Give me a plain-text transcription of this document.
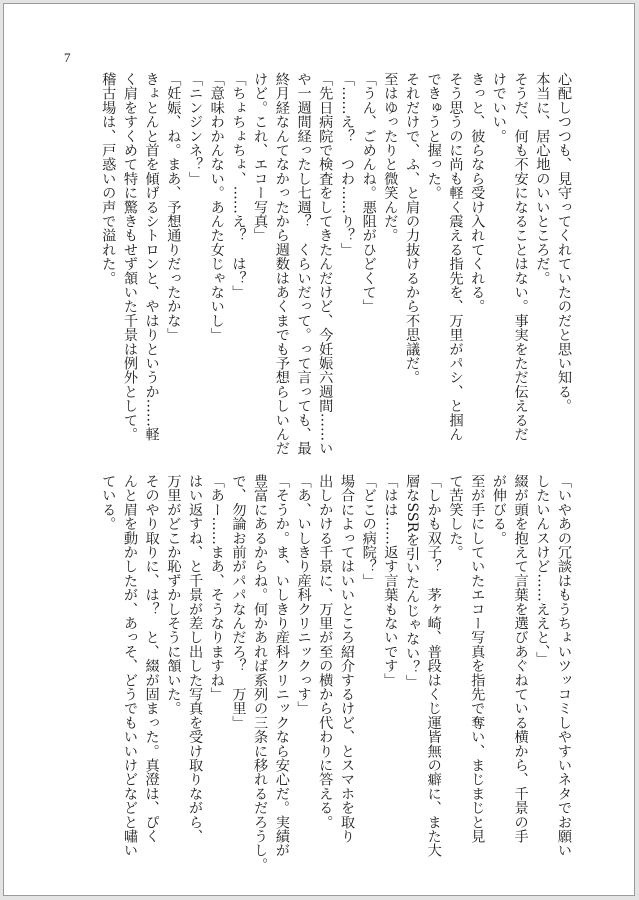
7
心配しつつも、見守ってくれていたのだと思い知る。
本当に、居心地のいいところだ。
そうだ、何も不安になることはない。事実をただ伝えるだ
けでいい。
きっと、彼らなら受け入れてくれる。
そう思うのに尚も軽く震える指先を、万里がパシ、と掴ん
できゅうと握った。
それだけで、ふ、と肩の力抜けるから不思議だ。
至はゆったりと微笑んだ。
「うん、ごめんね。悪阻がひどくて」
「……え？　つわ……り？」
「先日病院で検査をしてきたんだけど、今妊娠六週間……い
や一週間経ったし七週？　くらいだって。って言っても、最
終月経なんてなかったから週数はあくまでも予想らしいんだ
けど。これ、エコー写真」
「ちょちょちょ、……え？　は？」
「意味わかんない。あんた女じゃないし」
「ニンジンネ？」
「妊娠、ね。まあ、予想通りだったかな」
きょとんと首を傾げるシトロンと、やはりというか……軽
く肩をすくめて特に驚きもせず頷いた千景は例外として。
稽古場は、戸惑いの声で溢れた。
「いやあの冗談はもうちょいツッコミしやすいネタでお願い
したいんスけど……ええと、」
綴が頭を抱えて言葉を選びあぐねている横から、千景の手
が伸びる。
至が手にしていたエコー写真を指先で奪い、まじまじと見
て苦笑した。
「しかも双子？　茅ヶ崎、普段はくじ運皆無の癖に、また大
層なSSRを引いたんじゃない？」
「はは……返す言葉もないです」
「どこの病院？」
場合によってはいいところ紹介するけど、とスマホを取り
出しかける千景に、万里が至の横から代わりに答える。
「あ、いしきり産科クリニックっす」
「そうか。ま、いしきり産科クリニックなら安心だ。実績が
豊富にあるからね。何かあれば系列の三条に移れるだろうし。
で、勿論お前がパパなんだろ？　万里」
「あー……まあ、そうなりますね」
はい返すね、と千景が差し出した写真を受け取りながら、
万里がどこか恥ずかしそうに頷いた。
そのやり取りに、は？　と、綴が固まった。真澄は、ぴく
んと眉を動かしたが、あっそ、どうでもいいけどなどと嘯い
ている。
